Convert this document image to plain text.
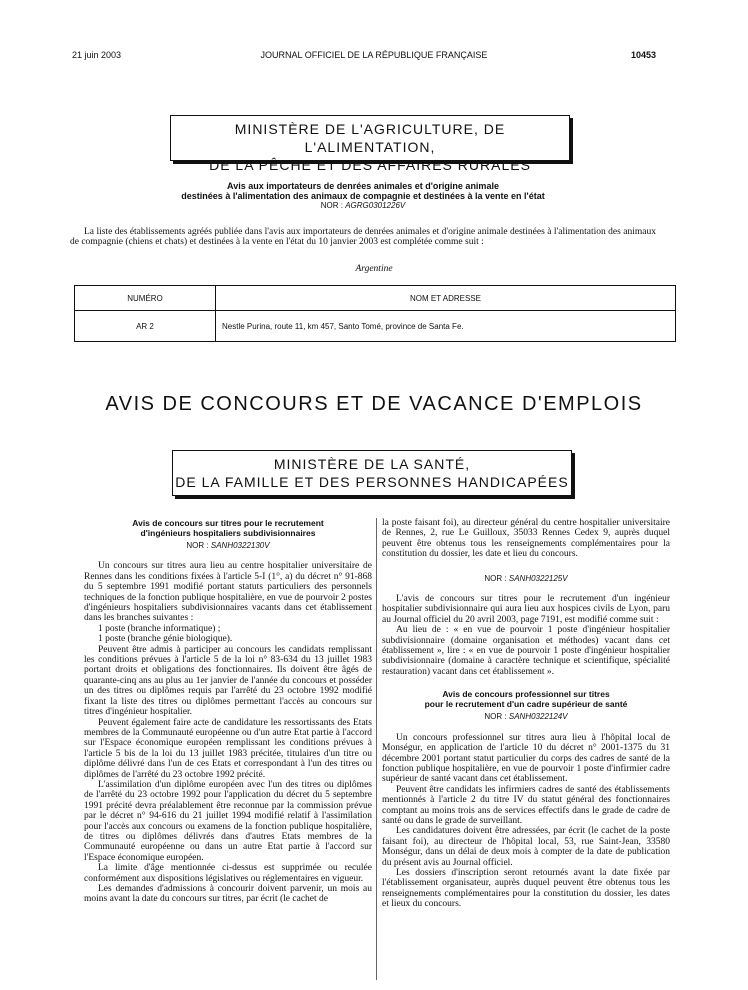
21 juin 2003	JOURNAL OFFICIEL DE LA RÉPUBLIQUE FRANÇAISE	10453
MINISTÈRE DE L'AGRICULTURE, DE L'ALIMENTATION,
DE LA PÊCHE ET DES AFFAIRES RURALES
Avis aux importateurs de denrées animales et d'origine animale
destinées à l'alimentation des animaux de compagnie et destinées à la vente en l'état
NOR : AGRG0301226V
La liste des établissements agréés publiée dans l'avis aux importateurs de denrées animales et d'origine animale destinées à l'alimentation des animaux de compagnie (chiens et chats) et destinées à la vente en l'état du 10 janvier 2003 est complétée comme suit :
Argentine
NUMÉRO	NOM ET ADRESSE
AR 2	Nestle Purina, route 11, km 457, Santo Tomé, province de Santa Fe.
AVIS DE CONCOURS ET DE VACANCE D'EMPLOIS
MINISTÈRE DE LA SANTÉ,
DE LA FAMILLE ET DES PERSONNES HANDICAPÉES
Avis de concours sur titres pour le recrutement
d'ingénieurs hospitaliers subdivisionnaires
NOR : SANH0322130V

Un concours sur titres aura lieu au centre hospitalier universitaire de Rennes dans les conditions fixées à l'article 5-I (1°, a) du décret n° 91-868 du 5 septembre 1991 modifié portant statuts particuliers des personnels techniques de la fonction publique hospitalière, en vue de pourvoir 2 postes d'ingénieurs hospitaliers subdivisionnaires vacants dans cet établissement dans les branches suivantes :

1 poste (branche informatique) ;

1 poste (branche génie biologique).

Peuvent être admis à participer au concours les candidats remplissant les conditions prévues à l'article 5 de la loi n° 83-634 du 13 juillet 1983 portant droits et obligations des fonctionnaires. Ils doivent être âgés de quarante-cinq ans au plus au 1er janvier de l'année du concours et posséder un des titres ou diplômes requis par l'arrêté du 23 octobre 1992 modifié fixant la liste des titres ou diplômes permettant l'accès au concours sur titres d'ingénieur hospitalier.

Peuvent également faire acte de candidature les ressortissants des Etats membres de la Communauté européenne ou d'un autre Etat partie à l'accord sur l'Espace économique européen remplissant les conditions prévues à l'article 5 bis de la loi du 13 juillet 1983 précitée, titulaires d'un titre ou diplôme délivré dans l'un de ces Etats et correspondant à l'un des titres ou diplômes de l'arrêté du 23 octobre 1992 précité.

L'assimilation d'un diplôme européen avec l'un des titres ou diplômes de l'arrêté du 23 octobre 1992 pour l'application du décret du 5 septembre 1991 précité devra préalablement être reconnue par la commission prévue par le décret n° 94-616 du 21 juillet 1994 modifié relatif à l'assimilation pour l'accès aux concours ou examens de la fonction publique hospitalière, de titres ou diplômes délivrés dans d'autres Etats membres de la Communauté européenne ou dans un autre Etat partie à l'accord sur l'Espace économique européen.

La limite d'âge mentionnée ci-dessus est supprimée ou reculée conformément aux dispositions législatives ou réglementaires en vigueur.

Les demandes d'admissions à concourir doivent parvenir, un mois au moins avant la date du concours sur titres, par écrit (le cachet de

la poste faisant foi), au directeur général du centre hospitalier universitaire de Rennes, 2, rue Le Guilloux, 35033 Rennes Cedex 9, auprès duquel peuvent être obtenus tous les renseignements complémentaires pour la constitution du dossier, les date et lieu du concours.

NOR : SANH0322125V

L'avis de concours sur titres pour le recrutement d'un ingénieur hospitalier subdivisionnaire qui aura lieu aux hospices civils de Lyon, paru au Journal officiel du 20 avril 2003, page 7191, est modifié comme suit :

Au lieu de : « en vue de pourvoir 1 poste d'ingénieur hospitalier subdivisionnaire (domaine organisation et méthodes) vacant dans cet établissement », lire : « en vue de pourvoir 1 poste d'ingénieur hospitalier subdivisionnaire (domaine à caractère technique et scientifique, spécialité restauration) vacant dans cet établissement ».

Avis de concours professionnel sur titres
pour le recrutement d'un cadre supérieur de santé
NOR : SANH0322124V

Un concours professionnel sur titres aura lieu à l'hôpital local de Monségur, en application de l'article 10 du décret n° 2001-1375 du 31 décembre 2001 portant statut particulier du corps des cadres de santé de la fonction publique hospitalière, en vue de pourvoir 1 poste d'infirmier cadre supérieur de santé vacant dans cet établissement.

Peuvent être candidats les infirmiers cadres de santé des établissements mentionnés à l'article 2 du titre IV du statut général des fonctionnaires comptant au moins trois ans de services effectifs dans le grade de cadre de santé ou dans le grade de surveillant.

Les candidatures doivent être adressées, par écrit (le cachet de la poste faisant foi), au directeur de l'hôpital local, 53, rue Saint-Jean, 33580 Monségur, dans un délai de deux mois à compter de la date de publication du présent avis au Journal officiel.

Les dossiers d'inscription seront retournés avant la date fixée par l'établissement organisateur, auprès duquel peuvent être obtenus tous les renseignements complémentaires pour la constitution du dossier, les dates et lieux du concours.
